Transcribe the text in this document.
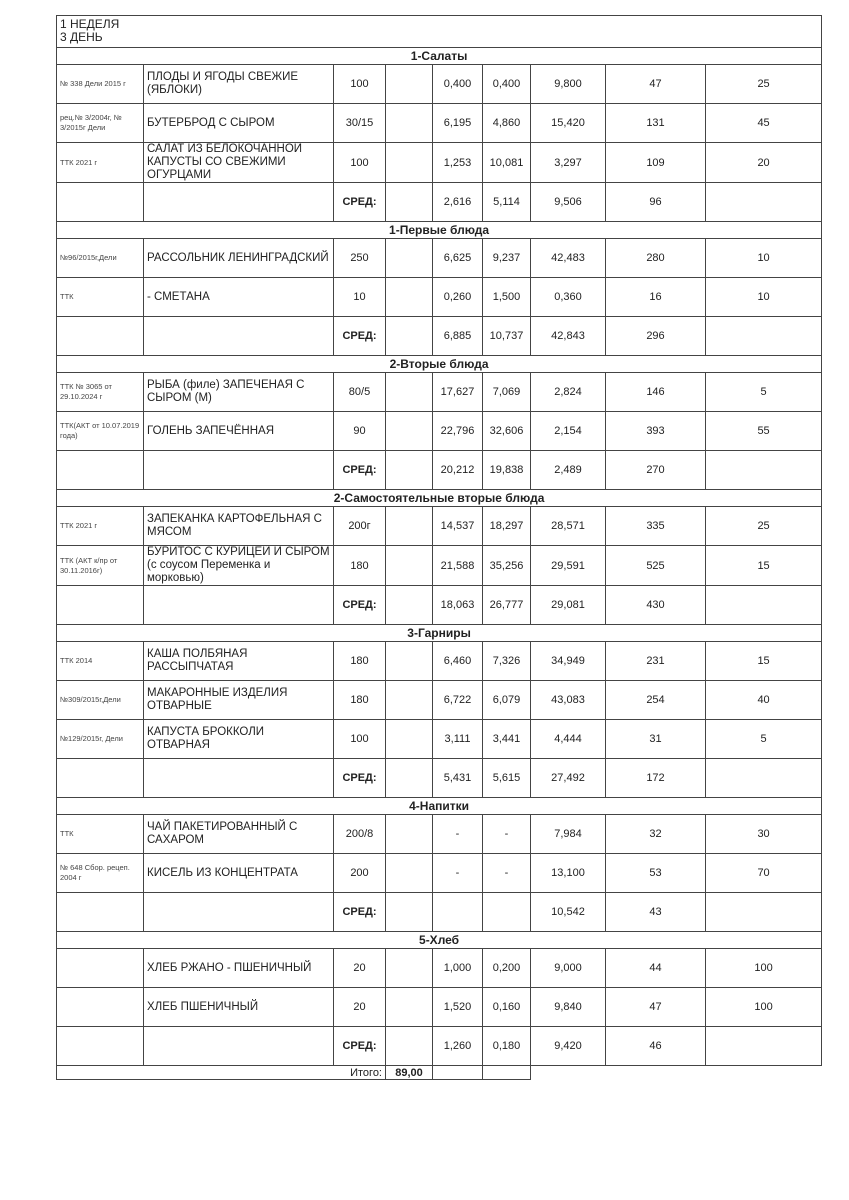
1 НЕДЕЛЯ
3 ДЕНЬ								

1-Салаты								
№ 338 Дели 2015 г	ПЛОДЫ И ЯГОДЫ СВЕЖИЕ (ЯБЛОКИ)	100		0,400	0,400	9,800	47	25
рец.№ 3/2004г, № 3/2015г Дели	БУТЕРБРОД С СЫРОМ	30/15		6,195	4,860	15,420	131	45
ТТК 2021 г	САЛАТ ИЗ БЕЛОКОЧАННОЙ КАПУСТЫ СО СВЕЖИМИ ОГУРЦАМИ	100		1,253	10,081	3,297	109	20
		СРЕД:		2,616	5,114	9,506	96	
1-Первые блюда								
№96/2015г,Дели	РАССОЛЬНИК ЛЕНИНГРАДСКИЙ	250		6,625	9,237	42,483	280	10
ТТК	- СМЕТАНА	10		0,260	1,500	0,360	16	10
		СРЕД:		6,885	10,737	42,843	296	
2-Вторые блюда								
ТТК № 3065 от 29.10.2024 г	РЫБА (филе) ЗАПЕЧЕНАЯ С СЫРОМ (М)	80/5		17,627	7,069	2,824	146	5
ТТК(АКТ от 10.07.2019 года)	ГОЛЕНЬ ЗАПЕЧЁННАЯ	90		22,796	32,606	2,154	393	55
		СРЕД:		20,212	19,838	2,489	270	
2-Самостоятельные вторые блюда								
ТТК 2021 г	ЗАПЕКАНКА КАРТОФЕЛЬНАЯ С МЯСОМ	200г		14,537	18,297	28,571	335	25
ТТК (АКТ к/пр от 30.11.2016г)	БУРИТОС С КУРИЦЕЙ И СЫРОМ (с соусом Переменка и морковью)	180		21,588	35,256	29,591	525	15
		СРЕД:		18,063	26,777	29,081	430	
3-Гарниры								
ТТК 2014	КАША ПОЛБЯНАЯ РАССЫПЧАТАЯ	180		6,460	7,326	34,949	231	15
№309/2015г,Дели	МАКАРОННЫЕ ИЗДЕЛИЯ ОТВАРНЫЕ	180		6,722	6,079	43,083	254	40
№129/2015г, Дели	КАПУСТА БРОККОЛИ ОТВАРНАЯ	100		3,111	3,441	4,444	31	5
		СРЕД:		5,431	5,615	27,492	172	
4-Напитки								
ТТК	ЧАЙ ПАКЕТИРОВАННЫЙ С САХАРОМ	200/8		-	-	7,984	32	30
№ 648 Сбор. рецеп. 2004 г	КИСЕЛЬ ИЗ КОНЦЕНТРАТА	200		-	-	13,100	53	70
		СРЕД:				10,542	43	
5-Хлеб								
	ХЛЕБ РЖАНО - ПШЕНИЧНЫЙ	20		1,000	0,200	9,000	44	100
	ХЛЕБ ПШЕНИЧНЫЙ	20		1,520	0,160	9,840	47	100
		СРЕД:		1,260	0,180	9,420	46	
Итого:			89,00					
